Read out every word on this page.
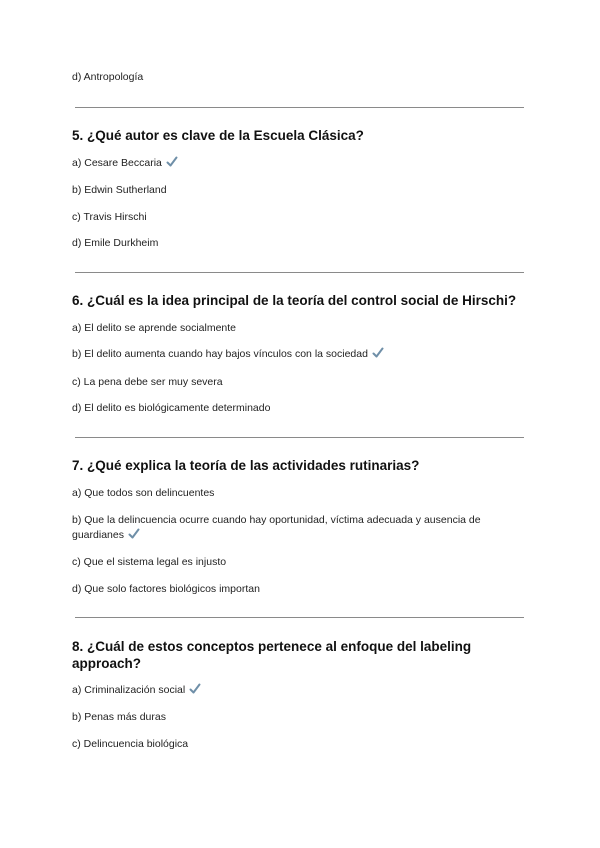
d) Antropología
5. ¿Qué autor es clave de la Escuela Clásica?
a) Cesare Beccaria
b) Edwin Sutherland
c) Travis Hirschi
d) Emile Durkheim
6. ¿Cuál es la idea principal de la teoría del control social de Hirschi?
a) El delito se aprende socialmente
b) El delito aumenta cuando hay bajos vínculos con la sociedad
c) La pena debe ser muy severa
d) El delito es biológicamente determinado
7. ¿Qué explica la teoría de las actividades rutinarias?
a) Que todos son delincuentes
b) Que la delincuencia ocurre cuando hay oportunidad, víctima adecuada y ausencia de guardianes
c) Que el sistema legal es injusto
d) Que solo factores biológicos importan
8. ¿Cuál de estos conceptos pertenece al enfoque del labeling approach?
a) Criminalización social
b) Penas más duras
c) Delincuencia biológica
